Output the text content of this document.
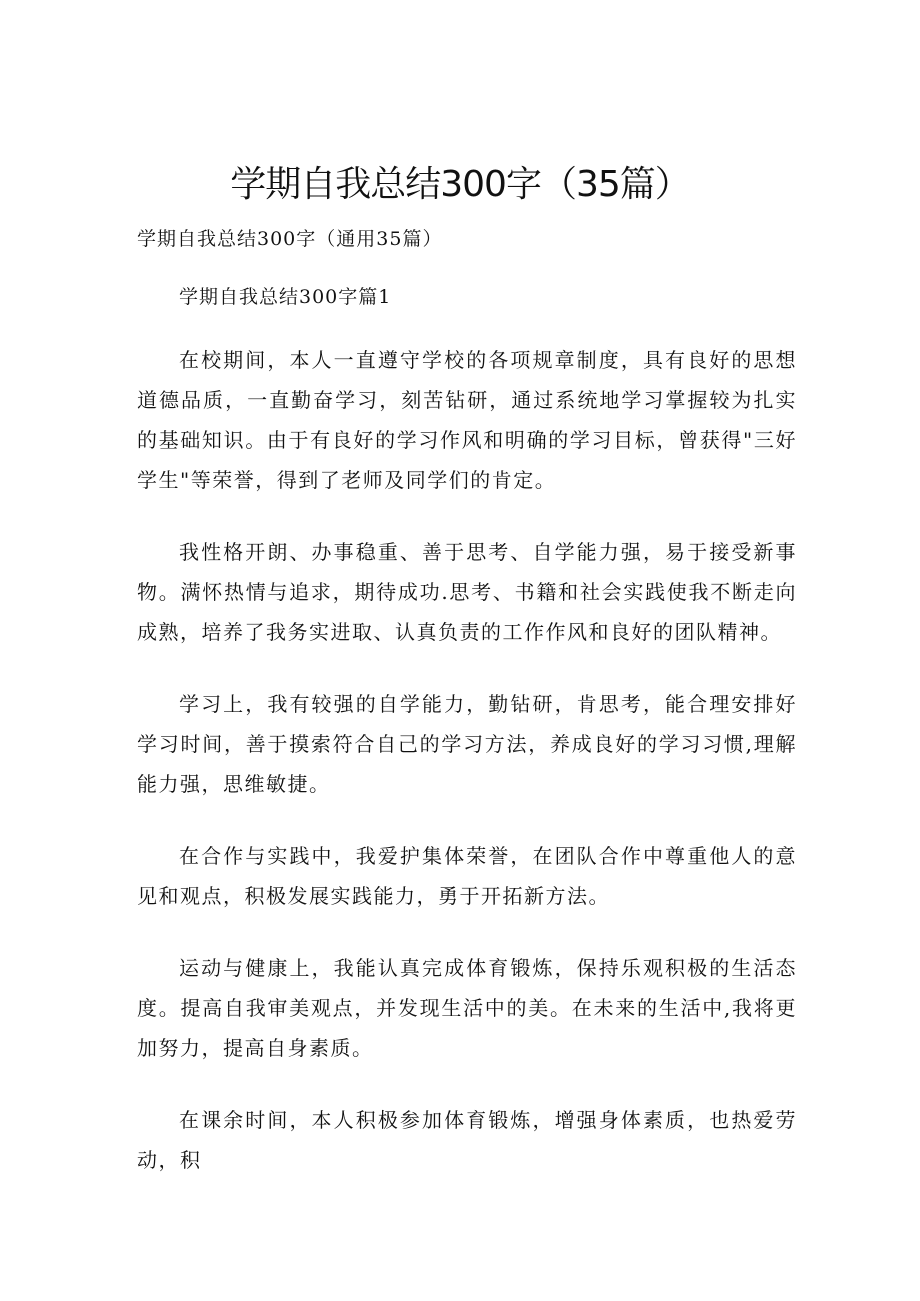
学期自我总结300字（35篇）

学期自我总结300字（通用35篇）

学期自我总结300字篇1

在校期间，本人一直遵守学校的各项规章制度，具有良好的思想道德品质，一直勤奋学习，刻苦钻研，通过系统地学习掌握较为扎实的基础知识。由于有良好的学习作风和明确的学习目标，曾获得"三好学生"等荣誉，得到了老师及同学们的肯定。

我性格开朗、办事稳重、善于思考、自学能力强，易于接受新事物。满怀热情与追求，期待成功.思考、书籍和社会实践使我不断走向成熟，培养了我务实进取、认真负责的工作作风和良好的团队精神。

学习上，我有较强的自学能力，勤钻研，肯思考，能合理安排好学习时间，善于摸索符合自己的学习方法，养成良好的学习习惯,理解能力强，思维敏捷。

在合作与实践中，我爱护集体荣誉，在团队合作中尊重他人的意见和观点，积极发展实践能力，勇于开拓新方法。

运动与健康上，我能认真完成体育锻炼，保持乐观积极的生活态度。提高自我审美观点，并发现生活中的美。在未来的生活中,我将更加努力，提高自身素质。

在课余时间，本人积极参加体育锻炼，增强身体素质，也热爱劳动，积
